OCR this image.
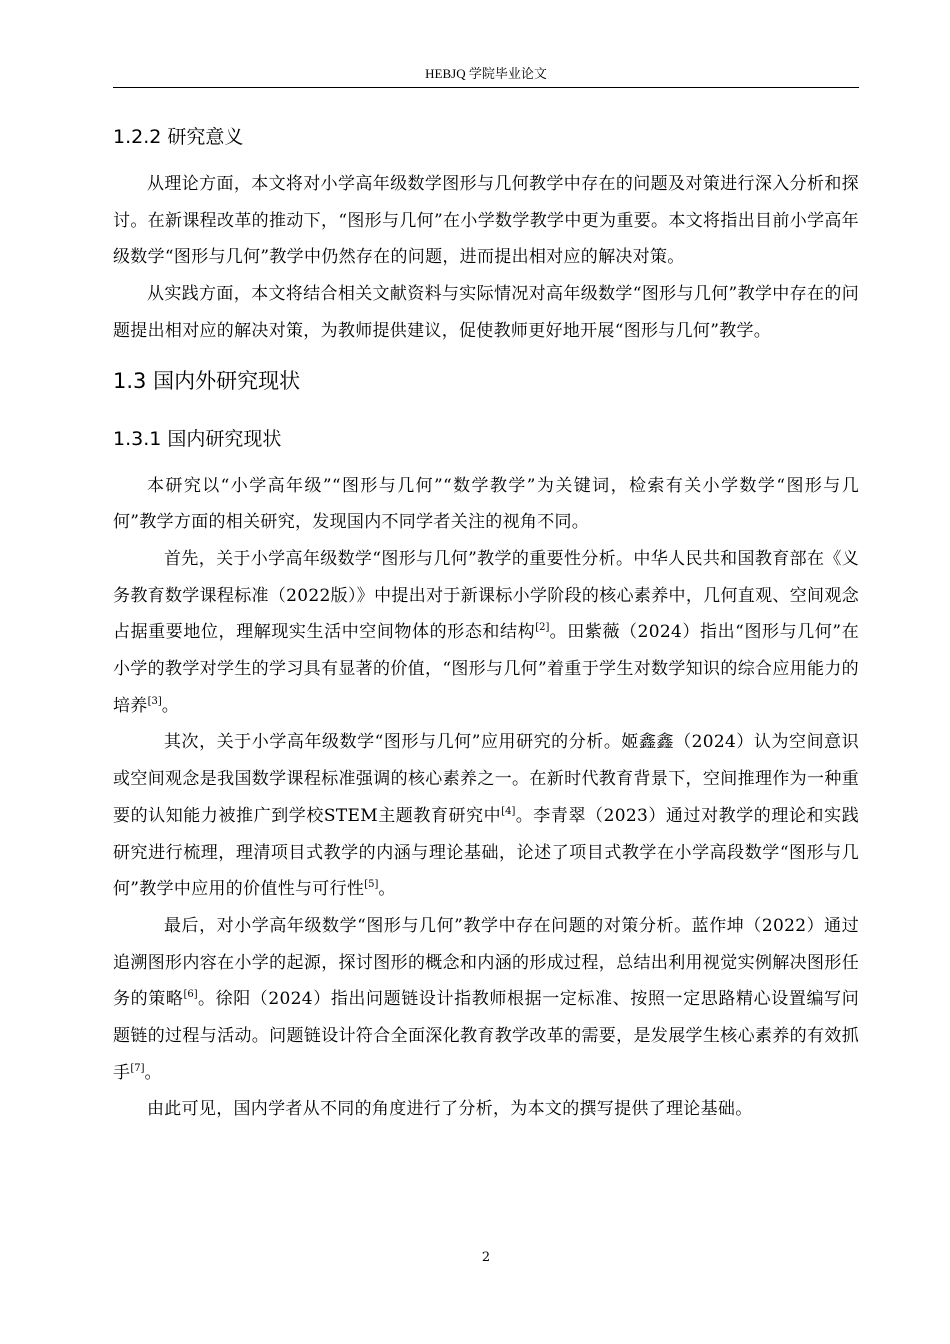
HEBJQ 学院毕业论文
1.2.2 研究意义

从理论方面，本文将对小学高年级数学图形与几何教学中存在的问题及对策进行深入分析和探讨。在新课程改革的推动下，“图形与几何”在小学数学教学中更为重要。本文将指出目前小学高年级数学“图形与几何”教学中仍然存在的问题，进而提出相对应的解决对策。

从实践方面，本文将结合相关文献资料与实际情况对高年级数学“图形与几何”教学中存在的问题提出相对应的解决对策，为教师提供建议，促使教师更好地开展“图形与几何”教学。

1.3 国内外研究现状
1.3.1 国内研究现状

本研究以“小学高年级”“图形与几何”“数学教学”为关键词，检索有关小学数学“图形与几何”教学方面的相关研究，发现国内不同学者关注的视角不同。

首先，关于小学高年级数学“图形与几何”教学的重要性分析。中华人民共和国教育部在《义务教育数学课程标准（2022版）》中提出对于新课标小学阶段的核心素养中，几何直观、空间观念占据重要地位，理解现实生活中空间物体的形态和结构[2]。田紫薇（2024）指出“图形与几何”在小学的教学对学生的学习具有显著的价值，“图形与几何”着重于学生对数学知识的综合应用能力的培养[3]。

其次，关于小学高年级数学“图形与几何”应用研究的分析。姬鑫鑫（2024）认为空间意识或空间观念是我国数学课程标准强调的核心素养之一。在新时代教育背景下，空间推理作为一种重要的认知能力被推广到学校STEM主题教育研究中[4]。李青翠（2023）通过对教学的理论和实践研究进行梳理，理清项目式教学的内涵与理论基础，论述了项目式教学在小学高段数学“图形与几何”教学中应用的价值性与可行性[5]。

最后，对小学高年级数学“图形与几何”教学中存在问题的对策分析。蓝作坤（2022）通过追溯图形内容在小学的起源，探讨图形的概念和内涵的形成过程，总结出利用视觉实例解决图形任务的策略[6]。徐阳（2024）指出问题链设计指教师根据一定标准、按照一定思路精心设置编写问题链的过程与活动。问题链设计符合全面深化教育教学改革的需要，是发展学生核心素养的有效抓手[7]。

由此可见，国内学者从不同的角度进行了分析，为本文的撰写提供了理论基础。

2
